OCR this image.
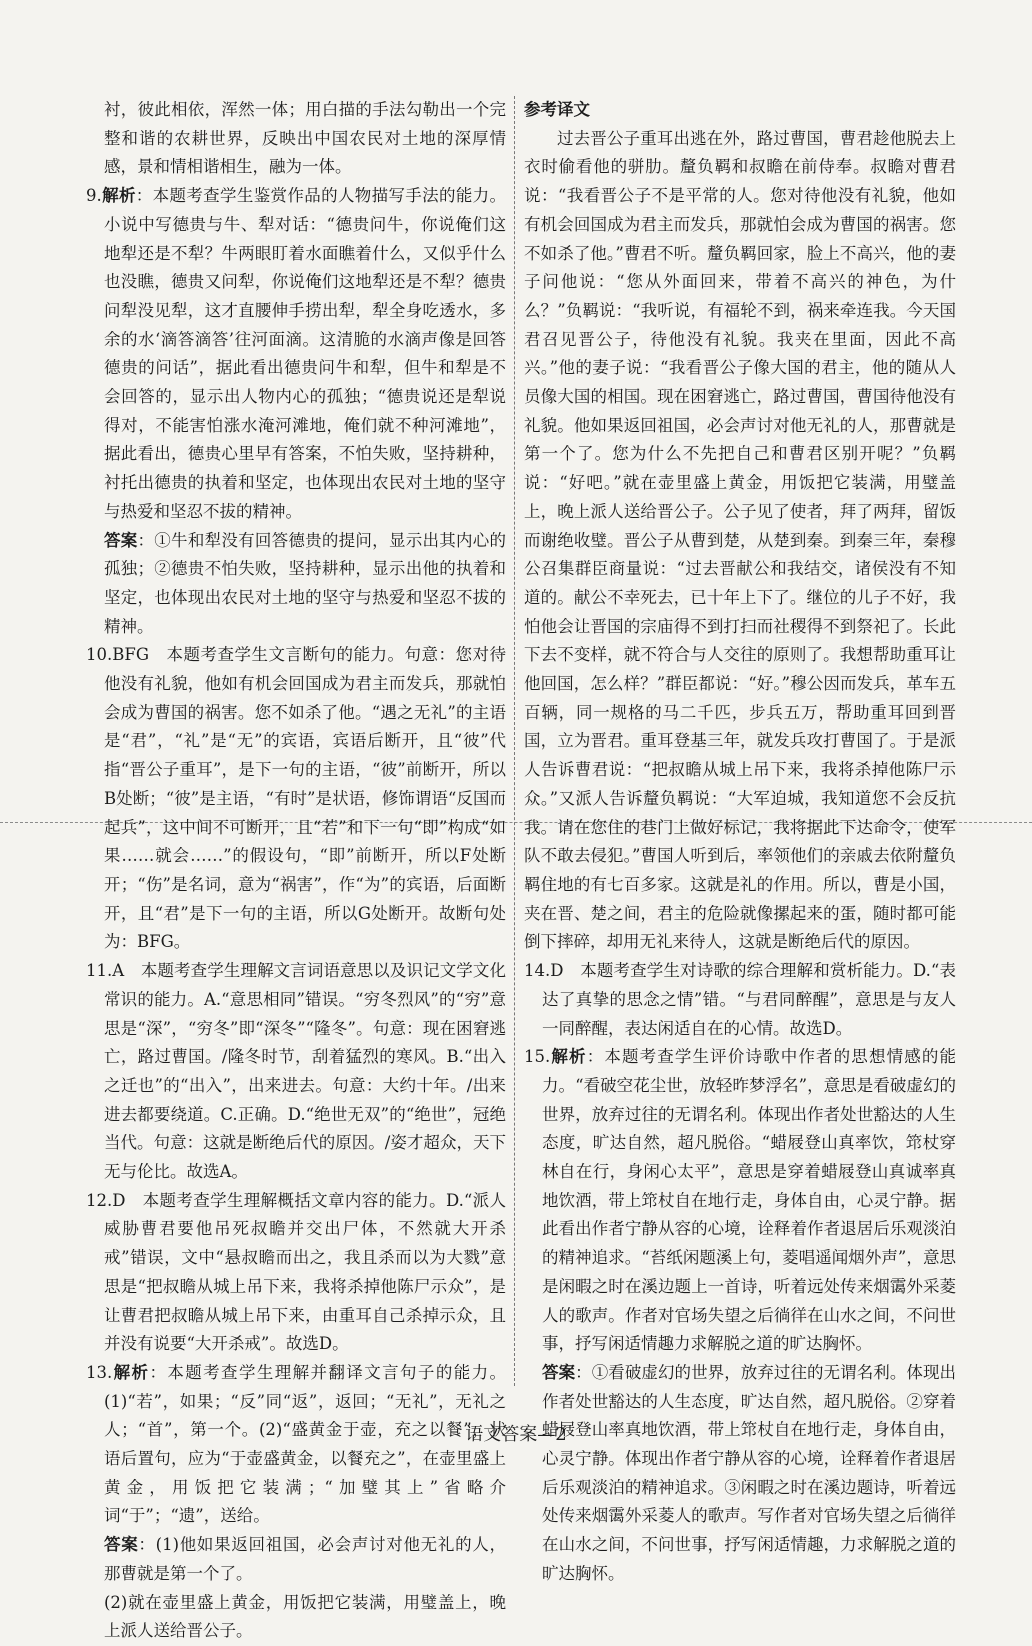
衬，彼此相依，浑然一体；用白描的手法勾勒出一个完整和谐的农耕世界，反映出中国农民对土地的深厚情感，景和情相谐相生，融为一体。

9.解析：本题考查学生鉴赏作品的人物描写手法的能力。小说中写德贵与牛、犁对话：“德贵问牛，你说俺们这地犁还是不犁？牛两眼盯着水面瞧着什么，又似乎什么也没瞧，德贵又问犁，你说俺们这地犁还是不犁？德贵问犁没见犁，这才直腰伸手捞出犁，犁全身吃透水，多余的水‘滴答滴答’往河面滴。这清脆的水滴声像是回答德贵的问话”，据此看出德贵问牛和犁，但牛和犁是不会回答的，显示出人物内心的孤独；“德贵说还是犁说得对，不能害怕涨水淹河滩地，俺们就不种河滩地”，据此看出，德贵心里早有答案，不怕失败，坚持耕种，衬托出德贵的执着和坚定，也体现出农民对土地的坚守与热爱和坚忍不拔的精神。

答案：①牛和犁没有回答德贵的提问，显示出其内心的孤独；②德贵不怕失败，坚持耕种，显示出他的执着和坚定，也体现出农民对土地的坚守与热爱和坚忍不拔的精神。

10.BFG　本题考查学生文言断句的能力。句意：您对待他没有礼貌，他如有机会回国成为君主而发兵，那就怕会成为曹国的祸害。您不如杀了他。“遇之无礼”的主语是“君”，“礼”是“无”的宾语，宾语后断开，且“彼”代指“晋公子重耳”，是下一句的主语，“彼”前断开，所以B处断；“彼”是主语，“有时”是状语，修饰谓语“反国而起兵”，这中间不可断开，且“若”和下一句“即”构成“如果……就会……”的假设句，“即”前断开，所以F处断开；“伤”是名词，意为“祸害”，作“为”的宾语，后面断开，且“君”是下一句的主语，所以G处断开。故断句处为：BFG。

11.A　本题考查学生理解文言词语意思以及识记文学文化常识的能力。A.“意思相同”错误。“穷冬烈风”的“穷”意思是“深”，“穷冬”即“深冬”“隆冬”。句意：现在困窘逃亡，路过曹国。/隆冬时节，刮着猛烈的寒风。B.“出入之迁也”的“出入”，出来进去。句意：大约十年。/出来进去都要绕道。C.正确。D.“绝世无双”的“绝世”，冠绝当代。句意：这就是断绝后代的原因。/姿才超众，天下无与伦比。故选A。

12.D　本题考查学生理解概括文章内容的能力。D.“派人威胁曹君要他吊死叔瞻并交出尸体，不然就大开杀戒”错误，文中“悬叔瞻而出之，我且杀而以为大戮”意思是“把叔瞻从城上吊下来，我将杀掉他陈尸示众”，是让曹君把叔瞻从城上吊下来，由重耳自己杀掉示众，且并没有说要“大开杀戒”。故选D。

13.解析：本题考查学生理解并翻译文言句子的能力。(1)“若”，如果；“反”同“返”，返回；“无礼”，无礼之人；“首”，第一个。(2)“盛黄金于壶，充之以餐”，状语后置句，应为“于壶盛黄金，以餐充之”，在壶里盛上黄金，用饭把它装满；“加璧其上”省略介词“于”；“遗”，送给。

答案：(1)他如果返回祖国，必会声讨对他无礼的人，那曹就是第一个了。

(2)就在壶里盛上黄金，用饭把它装满，用璧盖上，晚上派人送给晋公子。

参考译文

过去晋公子重耳出逃在外，路过曹国，曹君趁他脱去上衣时偷看他的骈肋。釐负羁和叔瞻在前侍奉。叔瞻对曹君说：“我看晋公子不是平常的人。您对待他没有礼貌，他如有机会回国成为君主而发兵，那就怕会成为曹国的祸害。您不如杀了他。”曹君不听。釐负羁回家，脸上不高兴，他的妻子问他说：“您从外面回来，带着不高兴的神色，为什么？”负羁说：“我听说，有福轮不到，祸来牵连我。今天国君召见晋公子，待他没有礼貌。我夹在里面，因此不高兴。”他的妻子说：“我看晋公子像大国的君主，他的随从人员像大国的相国。现在困窘逃亡，路过曹国，曹国待他没有礼貌。他如果返回祖国，必会声讨对他无礼的人，那曹就是第一个了。您为什么不先把自己和曹君区别开呢？”负羁说：“好吧。”就在壶里盛上黄金，用饭把它装满，用璧盖上，晚上派人送给晋公子。公子见了使者，拜了两拜，留饭而谢绝收璧。晋公子从曹到楚，从楚到秦。到秦三年，秦穆公召集群臣商量说：“过去晋献公和我结交，诸侯没有不知道的。献公不幸死去，已十年上下了。继位的儿子不好，我怕他会让晋国的宗庙得不到打扫而社稷得不到祭祀了。长此下去不变样，就不符合与人交往的原则了。我想帮助重耳让他回国，怎么样？”群臣都说：“好。”穆公因而发兵，革车五百辆，同一规格的马二千匹，步兵五万，帮助重耳回到晋国，立为晋君。重耳登基三年，就发兵攻打曹国了。于是派人告诉曹君说：“把叔瞻从城上吊下来，我将杀掉他陈尸示众。”又派人告诉釐负羁说：“大军迫城，我知道您不会反抗我。请在您住的巷门上做好标记，我将据此下达命令，使军队不敢去侵犯。”曹国人听到后，率领他们的亲戚去依附釐负羁住地的有七百多家。这就是礼的作用。所以，曹是小国，夹在晋、楚之间，君主的危险就像摞起来的蛋，随时都可能倒下摔碎，却用无礼来待人，这就是断绝后代的原因。

14.D　本题考查学生对诗歌的综合理解和赏析能力。D.“表达了真挚的思念之情”错。“与君同醉醒”，意思是与友人一同醉醒，表达闲适自在的心情。故选D。

15.解析：本题考查学生评价诗歌中作者的思想情感的能力。“看破空花尘世，放轻昨梦浮名”，意思是看破虚幻的世界，放弃过往的无谓名利。体现出作者处世豁达的人生态度，旷达自然，超凡脱俗。“蜡屐登山真率饮，筇杖穿林自在行，身闲心太平”，意思是穿着蜡屐登山真诚率真地饮酒，带上筇杖自在地行走，身体自由，心灵宁静。据此看出作者宁静从容的心境，诠释着作者退居后乐观淡泊的精神追求。“苔纸闲题溪上句，菱唱遥闻烟外声”，意思是闲暇之时在溪边题上一首诗，听着远处传来烟霭外采菱人的歌声。作者对官场失望之后徜徉在山水之间，不问世事，抒写闲适情趣力求解脱之道的旷达胸怀。

答案：①看破虚幻的世界，放弃过往的无谓名利。体现出作者处世豁达的人生态度，旷达自然，超凡脱俗。②穿着蜡屐登山率真地饮酒，带上筇杖自在地行走，身体自由，心灵宁静。体现出作者宁静从容的心境，诠释着作者退居后乐观淡泊的精神追求。③闲暇之时在溪边题诗，听着远处传来烟霭外采菱人的歌声。写作者对官场失望之后徜徉在山水之间，不问世事，抒写闲适情趣，力求解脱之道的旷达胸怀。

语文答案—2
